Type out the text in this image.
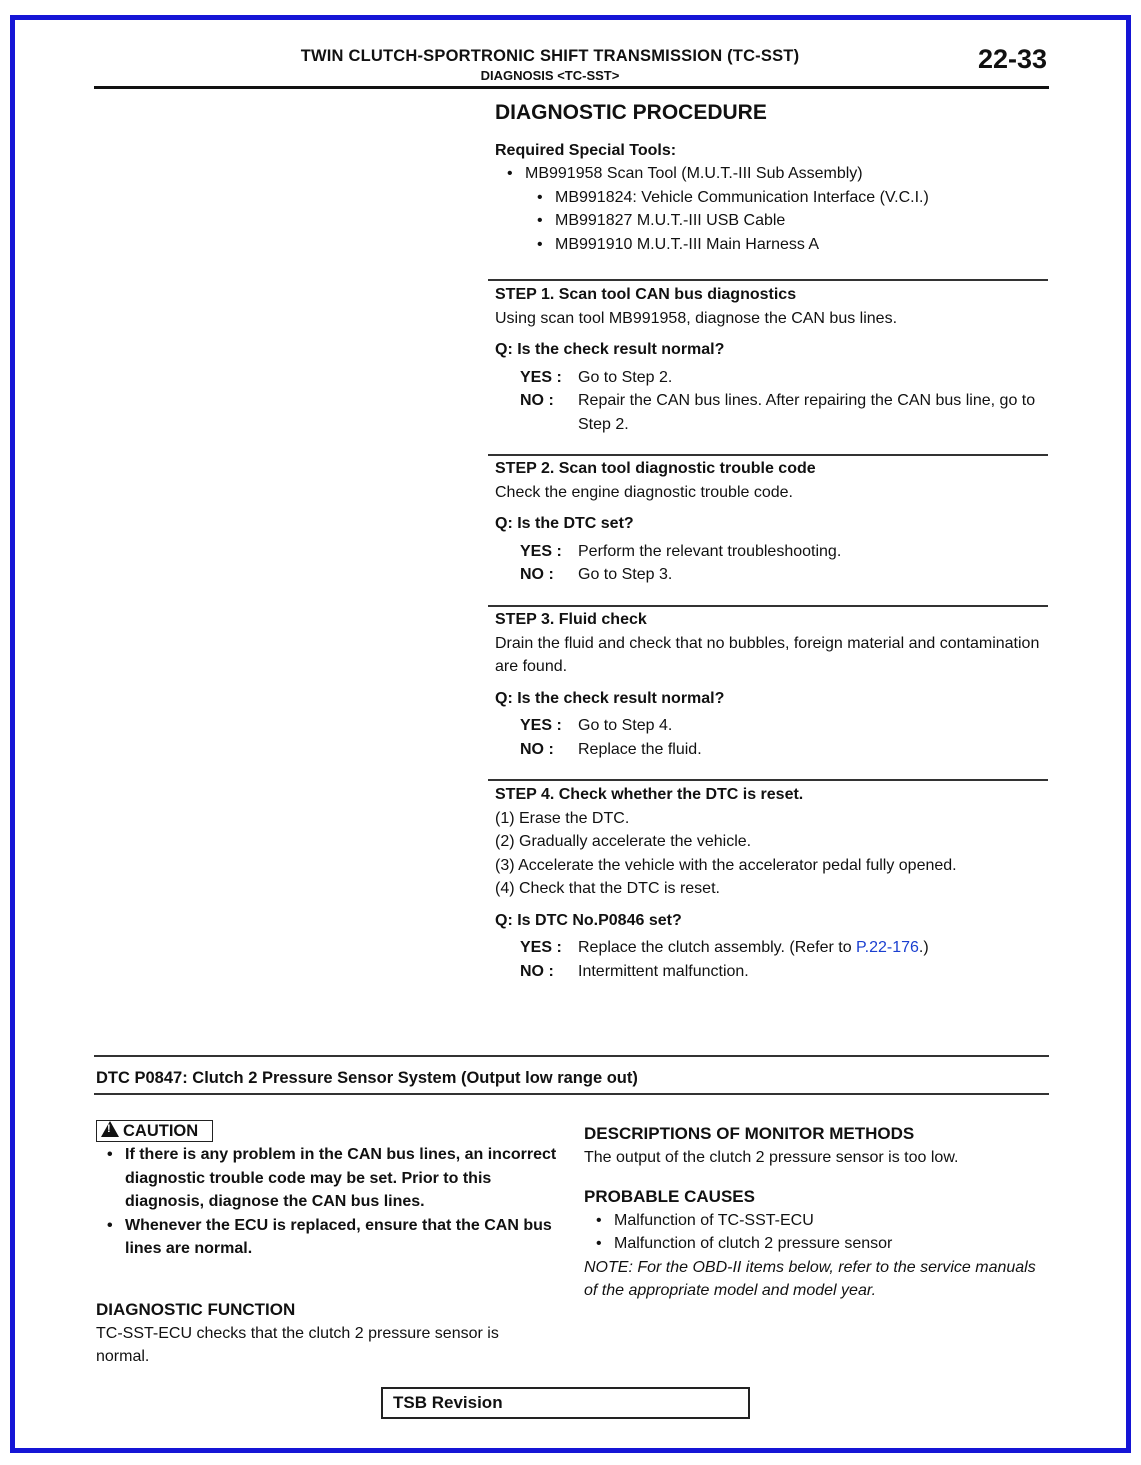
TWIN CLUTCH-SPORTRONIC SHIFT TRANSMISSION (TC-SST)
DIAGNOSIS <TC-SST>
22-33
DIAGNOSTIC PROCEDURE
Required Special Tools:
• MB991958 Scan Tool (M.U.T.-III Sub Assembly)
• MB991824: Vehicle Communication Interface (V.C.I.)
• MB991827 M.U.T.-III USB Cable
• MB991910 M.U.T.-III Main Harness A
STEP 1. Scan tool CAN bus diagnostics
Using scan tool MB991958, diagnose the CAN bus lines.
Q: Is the check result normal?
YES :	Go to Step 2.
NO :	Repair the CAN bus lines. After repairing the CAN bus line, go to Step 2.
STEP 2. Scan tool diagnostic trouble code
Check the engine diagnostic trouble code.
Q: Is the DTC set?
YES :	Perform the relevant troubleshooting.
NO :	Go to Step 3.
STEP 3. Fluid check
Drain the fluid and check that no bubbles, foreign material and contamination are found.
Q: Is the check result normal?
YES :	Go to Step 4.
NO :	Replace the fluid.
STEP 4. Check whether the DTC is reset.
(1) Erase the DTC.
(2) Gradually accelerate the vehicle.
(3) Accelerate the vehicle with the accelerator pedal fully opened.
(4) Check that the DTC is reset.
Q: Is DTC No.P0846 set?
YES :	Replace the clutch assembly. (Refer to P.22-176.)
NO :	Intermittent malfunction.
DTC P0847: Clutch 2 Pressure Sensor System (Output low range out)
!CAUTION
• If there is any problem in the CAN bus lines, an incorrect diagnostic trouble code may be set. Prior to this diagnosis, diagnose the CAN bus lines.
• Whenever the ECU is replaced, ensure that the CAN bus lines are normal.
DIAGNOSTIC FUNCTION
TC-SST-ECU checks that the clutch 2 pressure sensor is normal.
DESCRIPTIONS OF MONITOR METHODS
The output of the clutch 2 pressure sensor is too low.
PROBABLE CAUSES
• Malfunction of TC-SST-ECU
• Malfunction of clutch 2 pressure sensor
NOTE: For the OBD-II items below, refer to the service manuals of the appropriate model and model year.
TSB Revision
